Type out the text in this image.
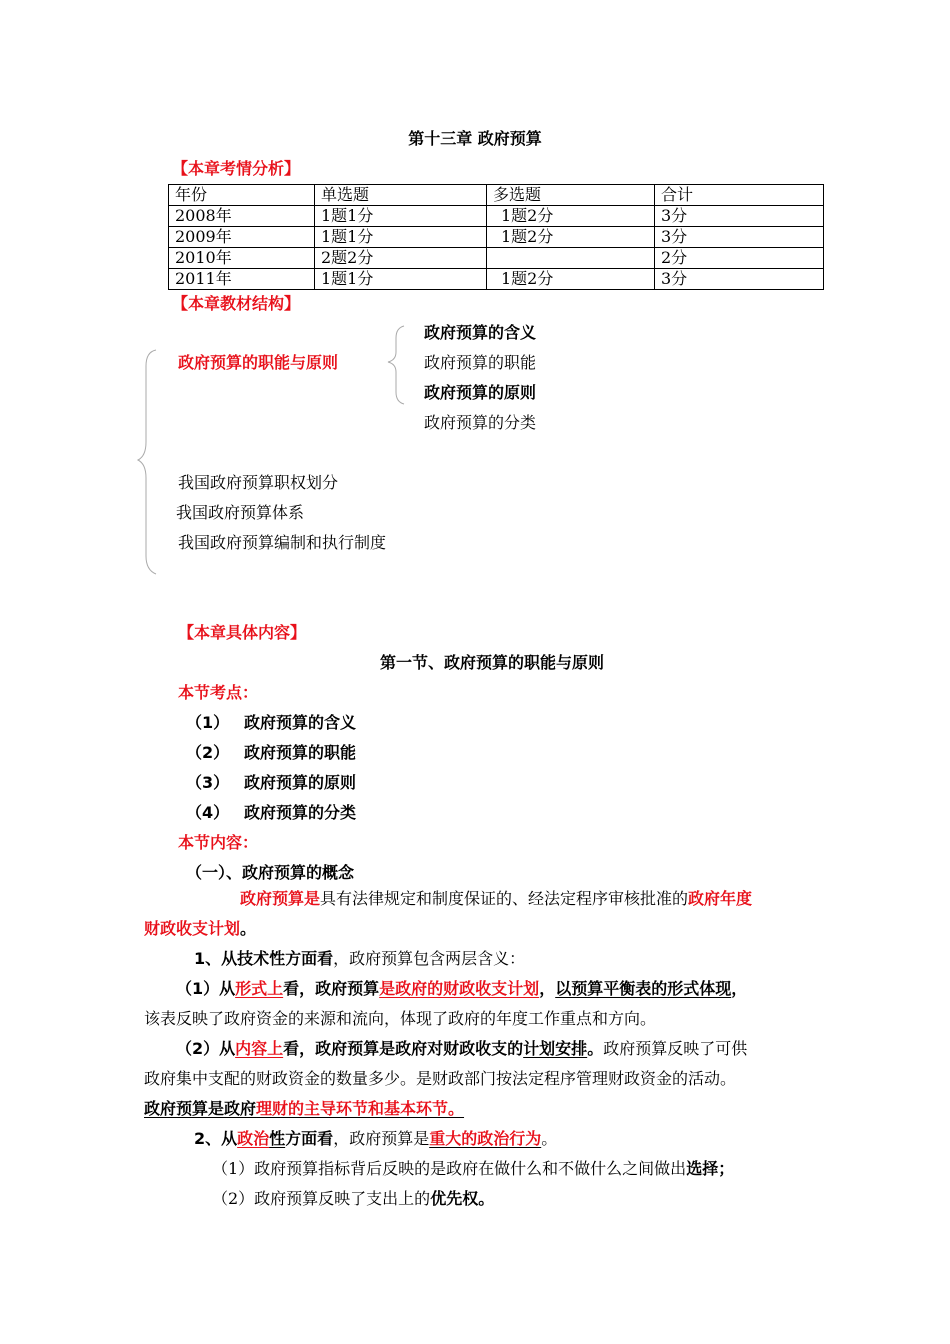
第十三章 政府预算
【本章考情分析】
年份	单选题	多选题	合计
2008年	1题1分	1题2分	3分
2009年	1题1分	1题2分	3分
2010年	2题2分		2分
2011年	1题1分	1题2分	3分
【本章教材结构】
政府预算的职能与原则
政府预算的含义
政府预算的职能
政府预算的原则
政府预算的分类
我国政府预算职权划分
我国政府预算体系
我国政府预算编制和执行制度
【本章具体内容】
第一节、政府预算的职能与原则
本节考点：
（1） 政府预算的含义
（2） 政府预算的职能
（3） 政府预算的原则
（4） 政府预算的分类
本节内容：
（一）、政府预算的概念
政府预算是具有法律规定和制度保证的、经法定程序审核批准的政府年度
财政收支计划。
1、从技术性方面看，政府预算包含两层含义：
（1）从形式上看，政府预算是政府的财政收支计划，以预算平衡表的形式体现，
该表反映了政府资金的来源和流向，体现了政府的年度工作重点和方向。
（2）从内容上看，政府预算是政府对财政收支的计划安排。政府预算反映了可供
政府集中支配的财政资金的数量多少。是财政部门按法定程序管理财政资金的活动。
政府预算是政府理财的主导环节和基本环节。
2、从政治性方面看，政府预算是重大的政治行为。
（1）政府预算指标背后反映的是政府在做什么和不做什么之间做出选择；
（2）政府预算反映了支出上的优先权。
